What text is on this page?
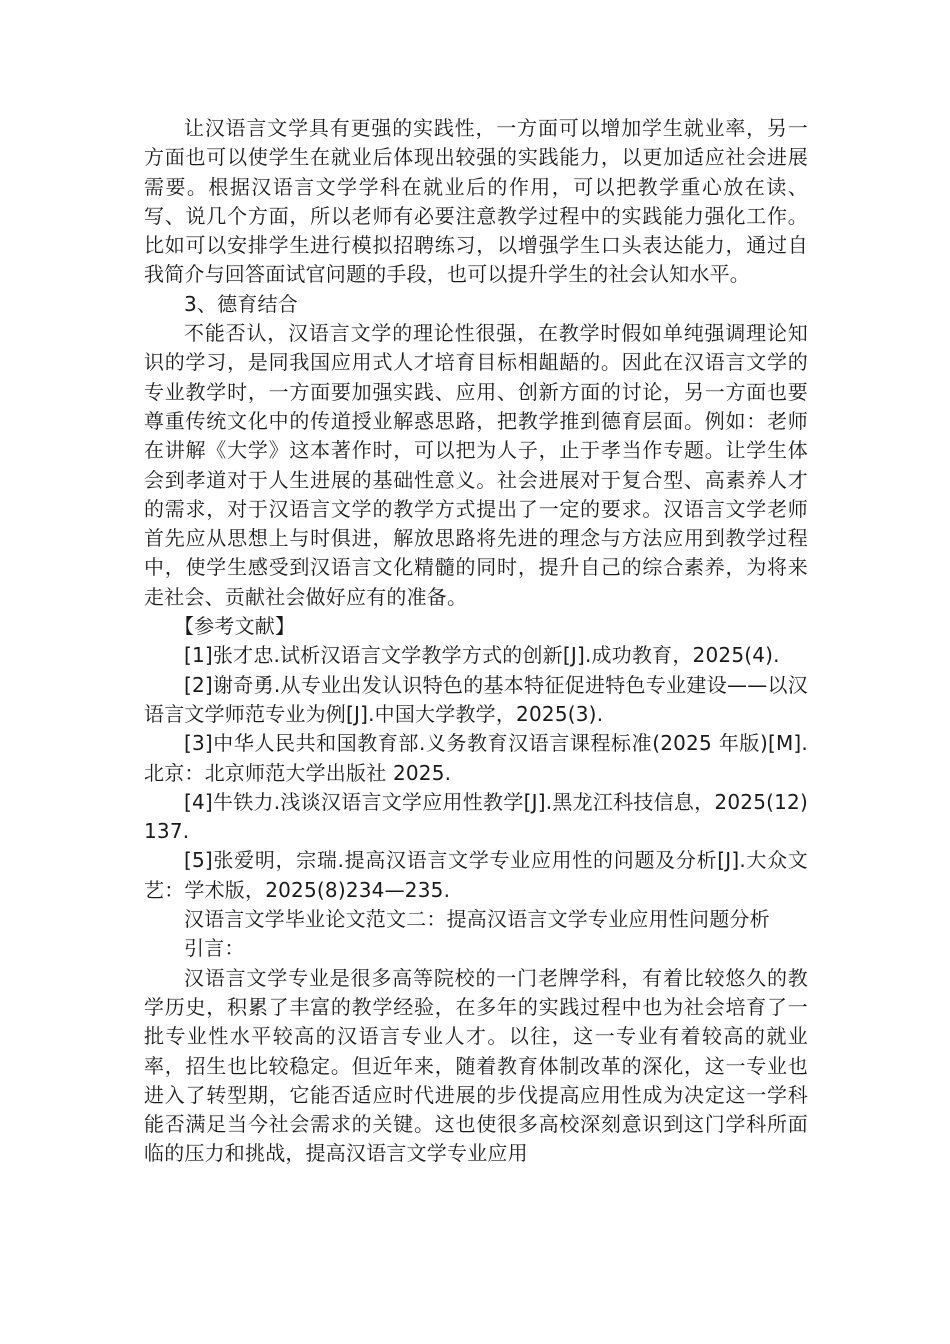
让汉语言文学具有更强的实践性，一方面可以增加学生就业率，另一方面也可以使学生在就业后体现出较强的实践能力，以更加适应社会进展需要。根据汉语言文学学科在就业后的作用，可以把教学重心放在读、写、说几个方面，所以老师有必要注意教学过程中的实践能力强化工作。比如可以安排学生进行模拟招聘练习，以增强学生口头表达能力，通过自我简介与回答面试官问题的手段，也可以提升学生的社会认知水平。

3、德育结合

不能否认，汉语言文学的理论性很强，在教学时假如单纯强调理论知识的学习，是同我国应用式人才培育目标相龃龉的。因此在汉语言文学的专业教学时，一方面要加强实践、应用、创新方面的讨论，另一方面也要尊重传统文化中的传道授业解惑思路，把教学推到德育层面。例如：老师在讲解《大学》这本著作时，可以把为人子，止于孝当作专题。让学生体会到孝道对于人生进展的基础性意义。社会进展对于复合型、高素养人才的需求，对于汉语言文学的教学方式提出了一定的要求。汉语言文学老师首先应从思想上与时俱进，解放思路将先进的理念与方法应用到教学过程中，使学生感受到汉语言文化精髓的同时，提升自己的综合素养，为将来走社会、贡献社会做好应有的准备。

【参考文献】

[1]张才忠.试析汉语言文学教学方式的创新[J].成功教育，2025(4).

[2]谢奇勇.从专业出发认识特色的基本特征促进特色专业建设——以汉语言文学师范专业为例[J].中国大学教学，2025(3).

[3]中华人民共和国教育部.义务教育汉语言课程标准(2025 年版)[M].北京：北京师范大学出版社 2025.

[4]牛铁力.浅谈汉语言文学应用性教学[J].黑龙江科技信息，2025(12)137.

[5]张爱明，宗瑞.提高汉语言文学专业应用性的问题及分析[J].大众文艺：学术版，2025(8)234—235.

汉语言文学毕业论文范文二：提高汉语言文学专业应用性问题分析

引言：

汉语言文学专业是很多高等院校的一门老牌学科，有着比较悠久的教学历史，积累了丰富的教学经验，在多年的实践过程中也为社会培育了一批专业性水平较高的汉语言专业人才。以往，这一专业有着较高的就业率，招生也比较稳定。但近年来，随着教育体制改革的深化，这一专业也进入了转型期，它能否适应时代进展的步伐提高应用性成为决定这一学科能否满足当今社会需求的关键。这也使很多高校深刻意识到这门学科所面临的压力和挑战，提高汉语言文学专业应用
